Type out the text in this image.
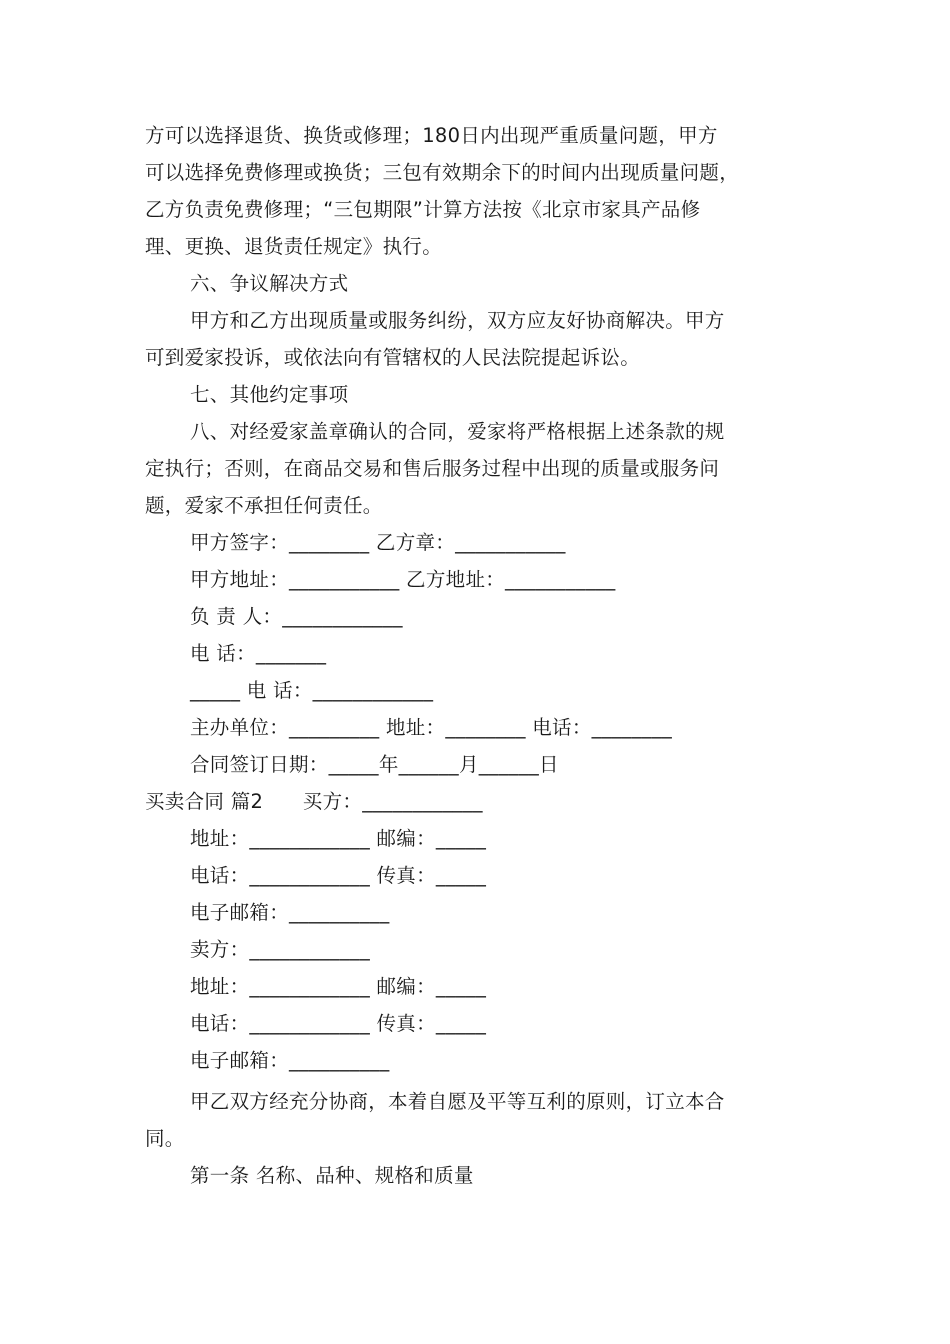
方可以选择退货、换货或修理；180日内出现严重质量问题，甲方
可以选择免费修理或换货；三包有效期余下的时间内出现质量问题，
乙方负责免费修理；“三包期限”计算方法按《北京市家具产品修
理、更换、退货责任规定》执行。
六、争议解决方式
甲方和乙方出现质量或服务纠纷，双方应友好协商解决。甲方
可到爱家投诉，或依法向有管辖权的人民法院提起诉讼。
七、其他约定事项
八、对经爱家盖章确认的合同，爱家将严格根据上述条款的规
定执行；否则，在商品交易和售后服务过程中出现的质量或服务问
题，爱家不承担任何责任。
甲方签字：________ 乙方章：___________
甲方地址：___________ 乙方地址：___________
负 责 人：____________
电 话：_______
_____ 电 话：____________
主办单位：_________ 地址：________ 电话：________
合同签订日期：_____年______月______日
买卖合同 篇2　　买方：____________
地址：____________ 邮编：_____
电话：____________ 传真：_____
电子邮箱：__________
卖方：____________
地址：____________ 邮编：_____
电话：____________ 传真：_____
电子邮箱：__________
甲乙双方经充分协商，本着自愿及平等互利的原则，订立本合
同。
第一条 名称、品种、规格和质量
